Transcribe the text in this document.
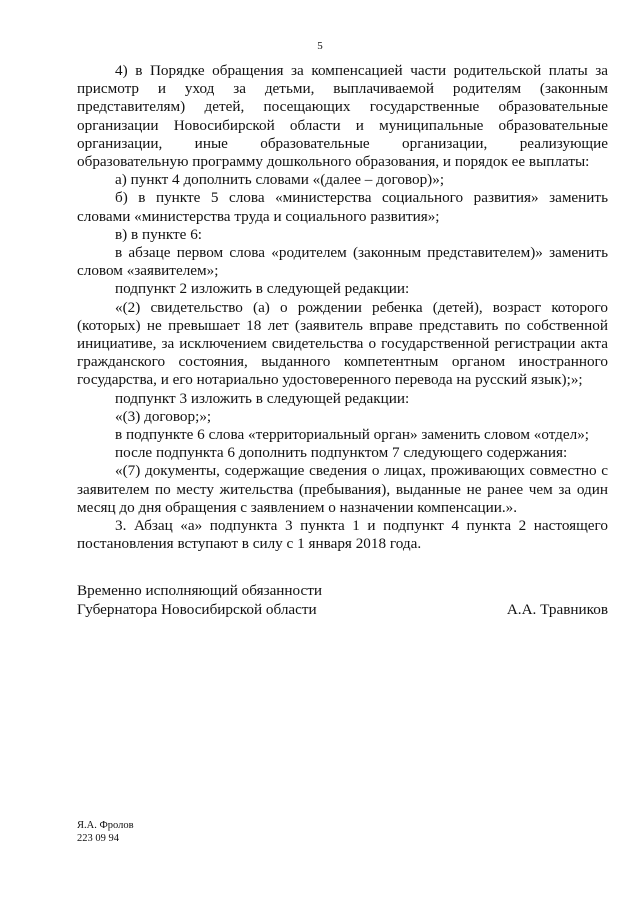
5

4) в Порядке обращения за компенсацией части родительской платы за присмотр и уход за детьми, выплачиваемой родителям (законным представителям) детей, посещающих государственные образовательные организации Новосибирской области и муниципальные образовательные организации, иные образовательные организации, реализующие образовательную программу дошкольного образования, и порядок ее выплаты:

а) пункт 4 дополнить словами «(далее – договор)»;

б) в пункте 5 слова «министерства социального развития» заменить словами «министерства труда и социального развития»;

в) в пункте 6:

в абзаце первом слова «родителем (законным представителем)» заменить словом «заявителем»;

подпункт 2 изложить в следующей редакции:

«(2) свидетельство (а) о рождении ребенка (детей), возраст которого (которых) не превышает 18 лет (заявитель вправе представить по собственной инициативе, за исключением свидетельства о государственной регистрации акта гражданского состояния, выданного компетентным органом иностранного государства, и его нотариально удостоверенного перевода на русский язык);»;

подпункт 3 изложить в следующей редакции:

«(3) договор;»;

в подпункте 6 слова «территориальный орган» заменить словом «отдел»;

после подпункта 6 дополнить подпунктом 7 следующего содержания:

«(7) документы, содержащие сведения о лицах, проживающих совместно с заявителем по месту жительства (пребывания), выданные не ранее чем за один месяц до дня обращения с заявлением о назначении компенсации.».

3. Абзац «а» подпункта 3 пункта 1 и подпункт 4 пункта 2 настоящего постановления вступают в силу с 1 января 2018 года.

Временно исполняющий обязанности
Губернатора Новосибирской области	А.А. Травников
Я.А. Фролов
223 09 94
